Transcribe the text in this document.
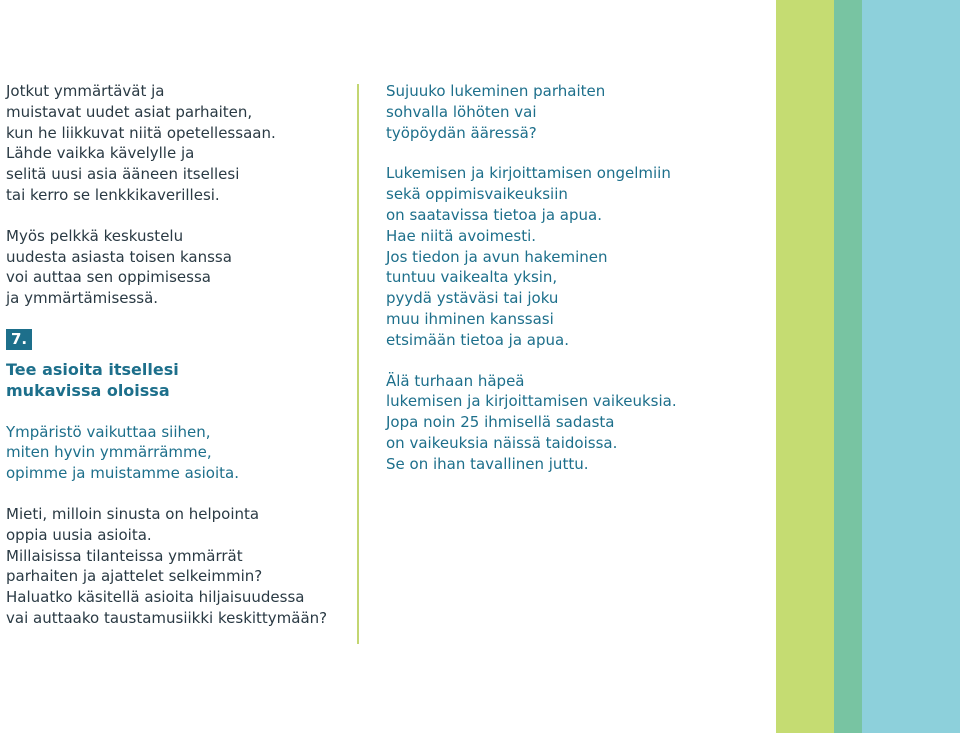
Jotkut ymmärtävät ja
muistavat uudet asiat parhaiten,
kun he liikkuvat niitä opetellessaan.
Lähde vaikka kävelylle ja
selitä uusi asia ääneen itsellesi
tai kerro se lenkkikaverillesi.

Myös pelkkä keskustelu
uudesta asiasta toisen kanssa
voi auttaa sen oppimisessa
ja ymmärtämisessä.

7.
Tee asioita itsellesi
mukavissa oloissa

Ympäristö vaikuttaa siihen,
miten hyvin ymmärrämme,
opimme ja muistamme asioita.

Mieti, milloin sinusta on helpointa
oppia uusia asioita.
Millaisissa tilanteissa ymmärrät
parhaiten ja ajattelet selkeimmin?
Haluatko käsitellä asioita hiljaisuudessa
vai auttaako taustamusiikki keskittymään?

Sujuuko lukeminen parhaiten
sohvalla löhöten vai
työpöydän ääressä?

Lukemisen ja kirjoittamisen ongelmiin
sekä oppimisvaikeuksiin
on saatavissa tietoa ja apua.
Hae niitä avoimesti.
Jos tiedon ja avun hakeminen
tuntuu vaikealta yksin,
pyydä ystäväsi tai joku
muu ihminen kanssasi
etsimään tietoa ja apua.

Älä turhaan häpeä
lukemisen ja kirjoittamisen vaikeuksia.
Jopa noin 25 ihmisellä sadasta
on vaikeuksia näissä taidoissa.
Se on ihan tavallinen juttu.
